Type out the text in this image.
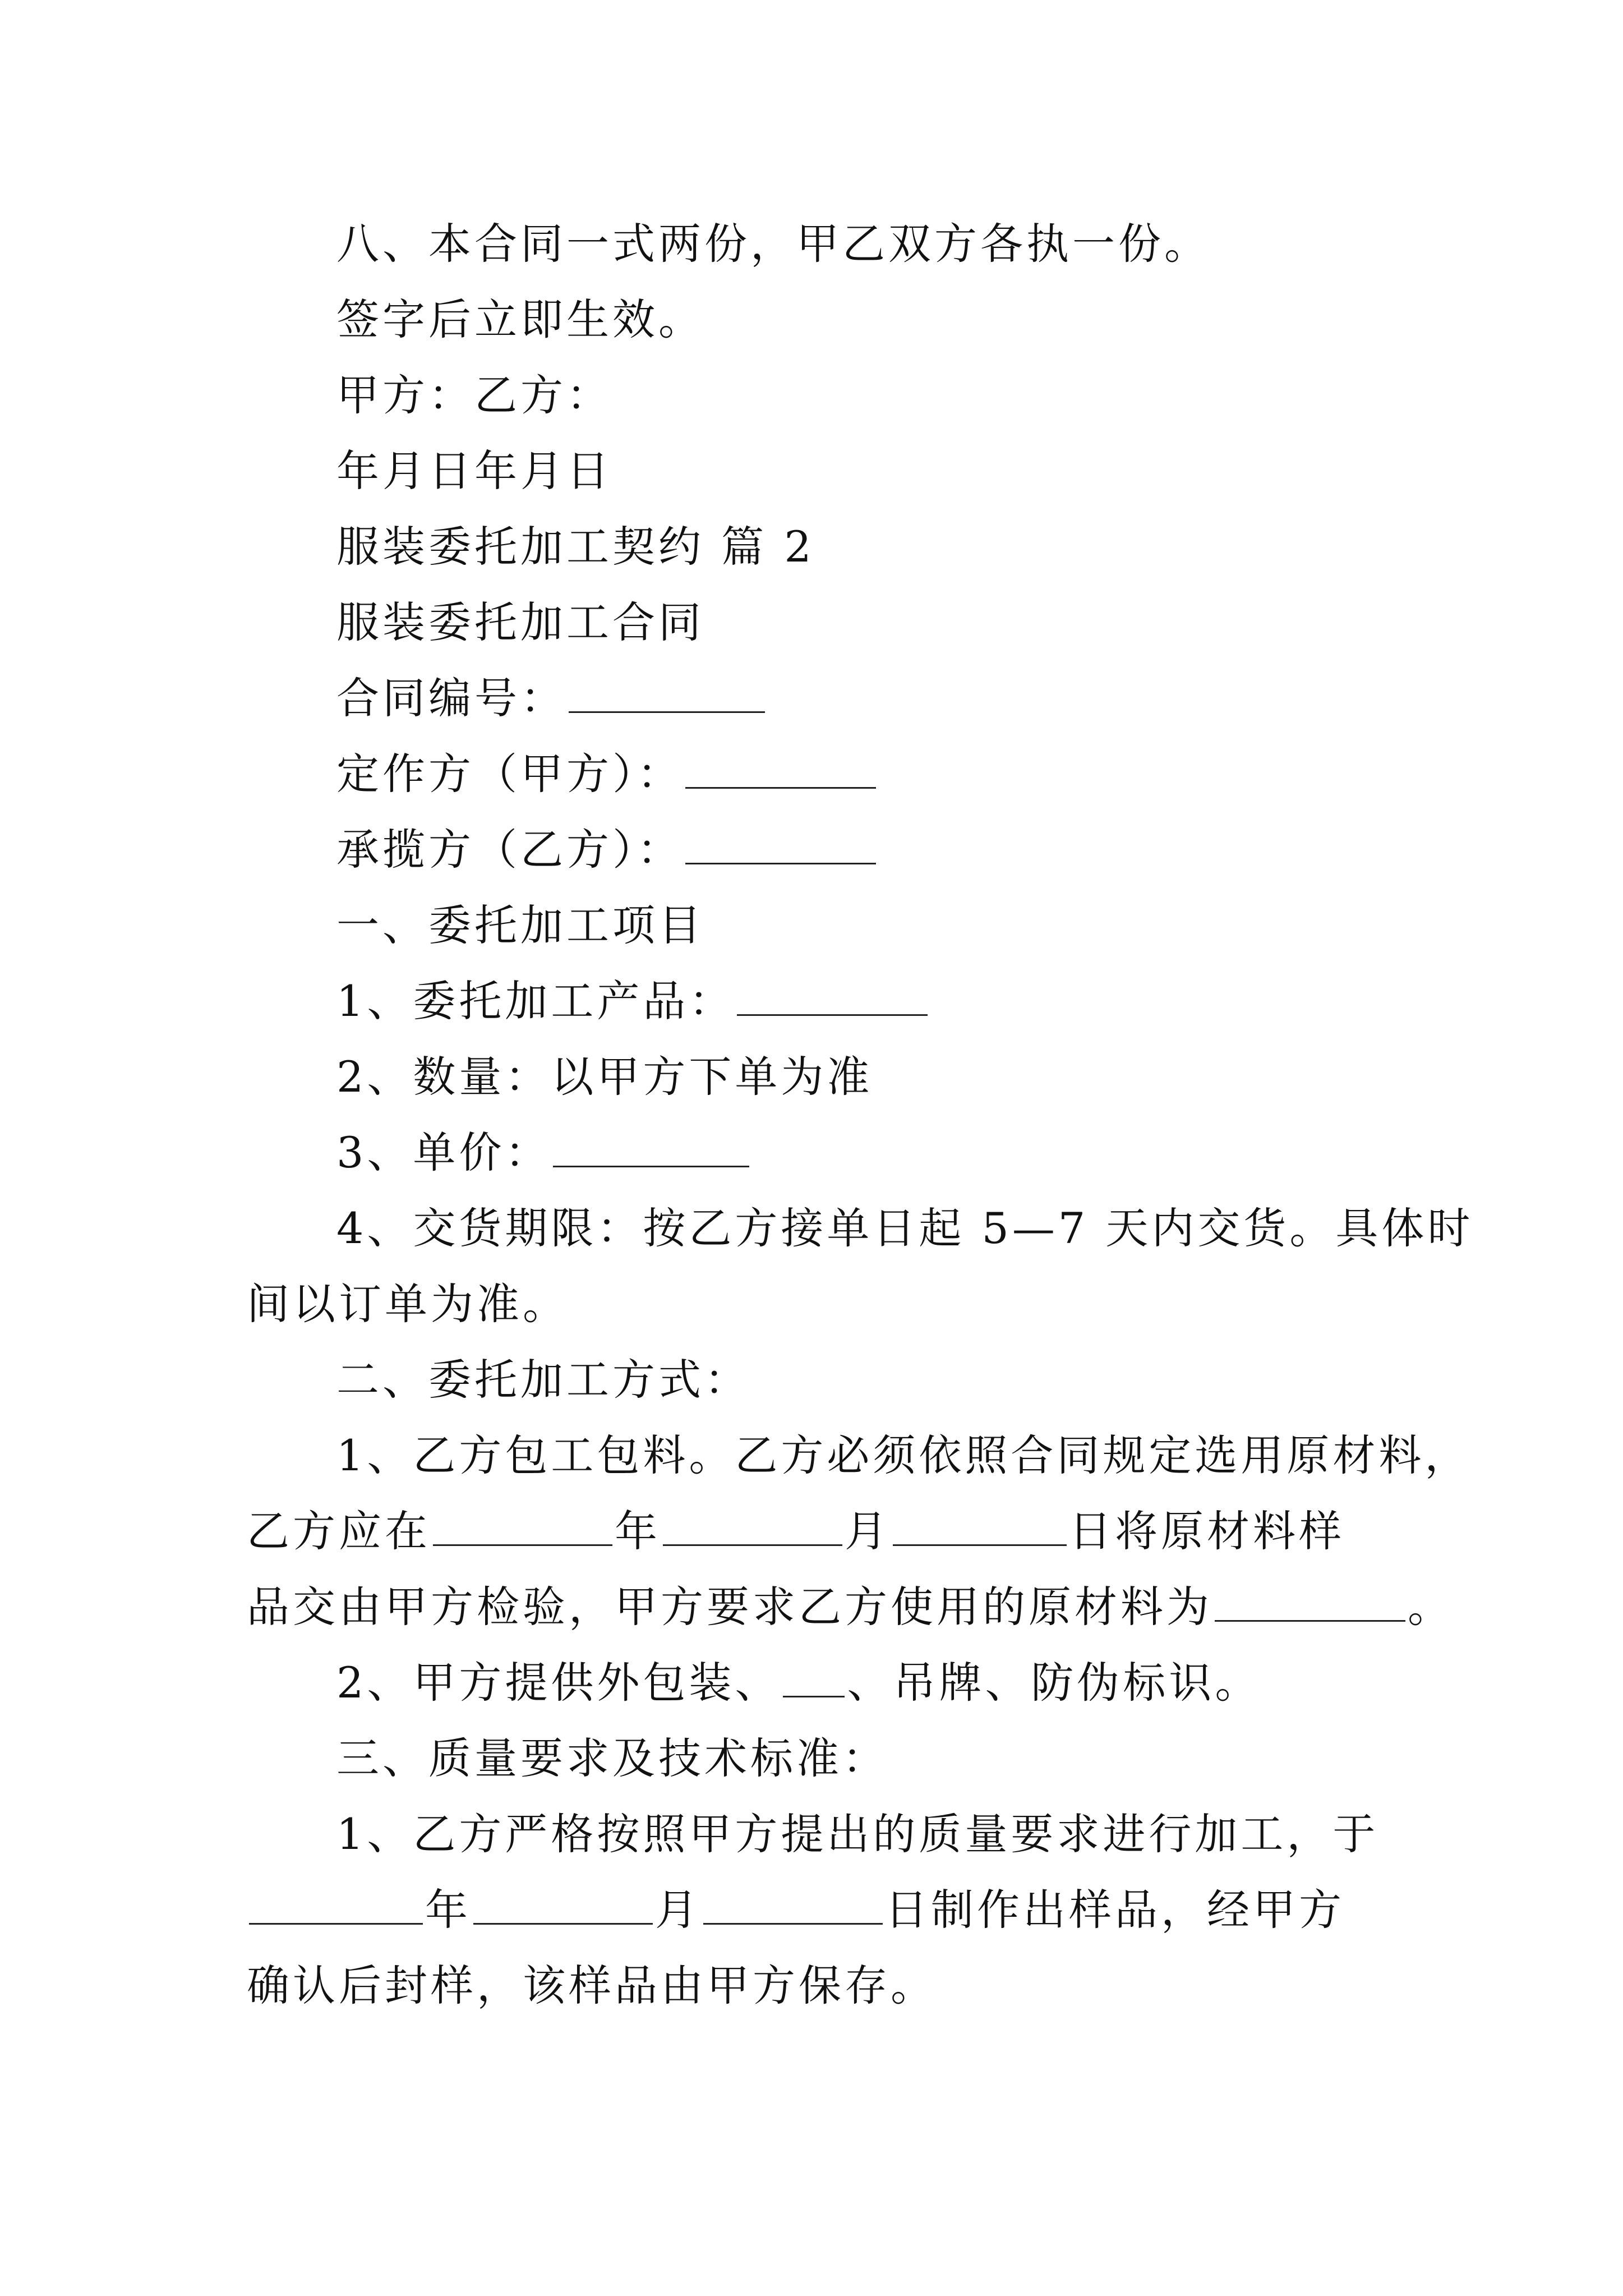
八、本合同一式两份，甲乙双方各执一份。
签字后立即生效。
甲方：乙方：
年月日年月日
服装委托加工契约 篇 2
服装委托加工合同
合同编号：
定作方（甲方）：
承揽方（乙方）：
一、委托加工项目
1、委托加工产品：
2、数量：以甲方下单为准
3、单价：
4、交货期限：按乙方接单日起 5—7 天内交货。具体时
间以订单为准。
二、委托加工方式：
1、乙方包工包料。乙方必须依照合同规定选用原材料，
乙方应在	年	月	日将原材料样
品交由甲方检验，甲方要求乙方使用的原材料为	。
2、甲方提供外包装、 、吊牌、防伪标识。
三、质量要求及技术标准：
1、乙方严格按照甲方提出的质量要求进行加工，于
年	月	日制作出样品，经甲方
确认后封样，该样品由甲方保存。
